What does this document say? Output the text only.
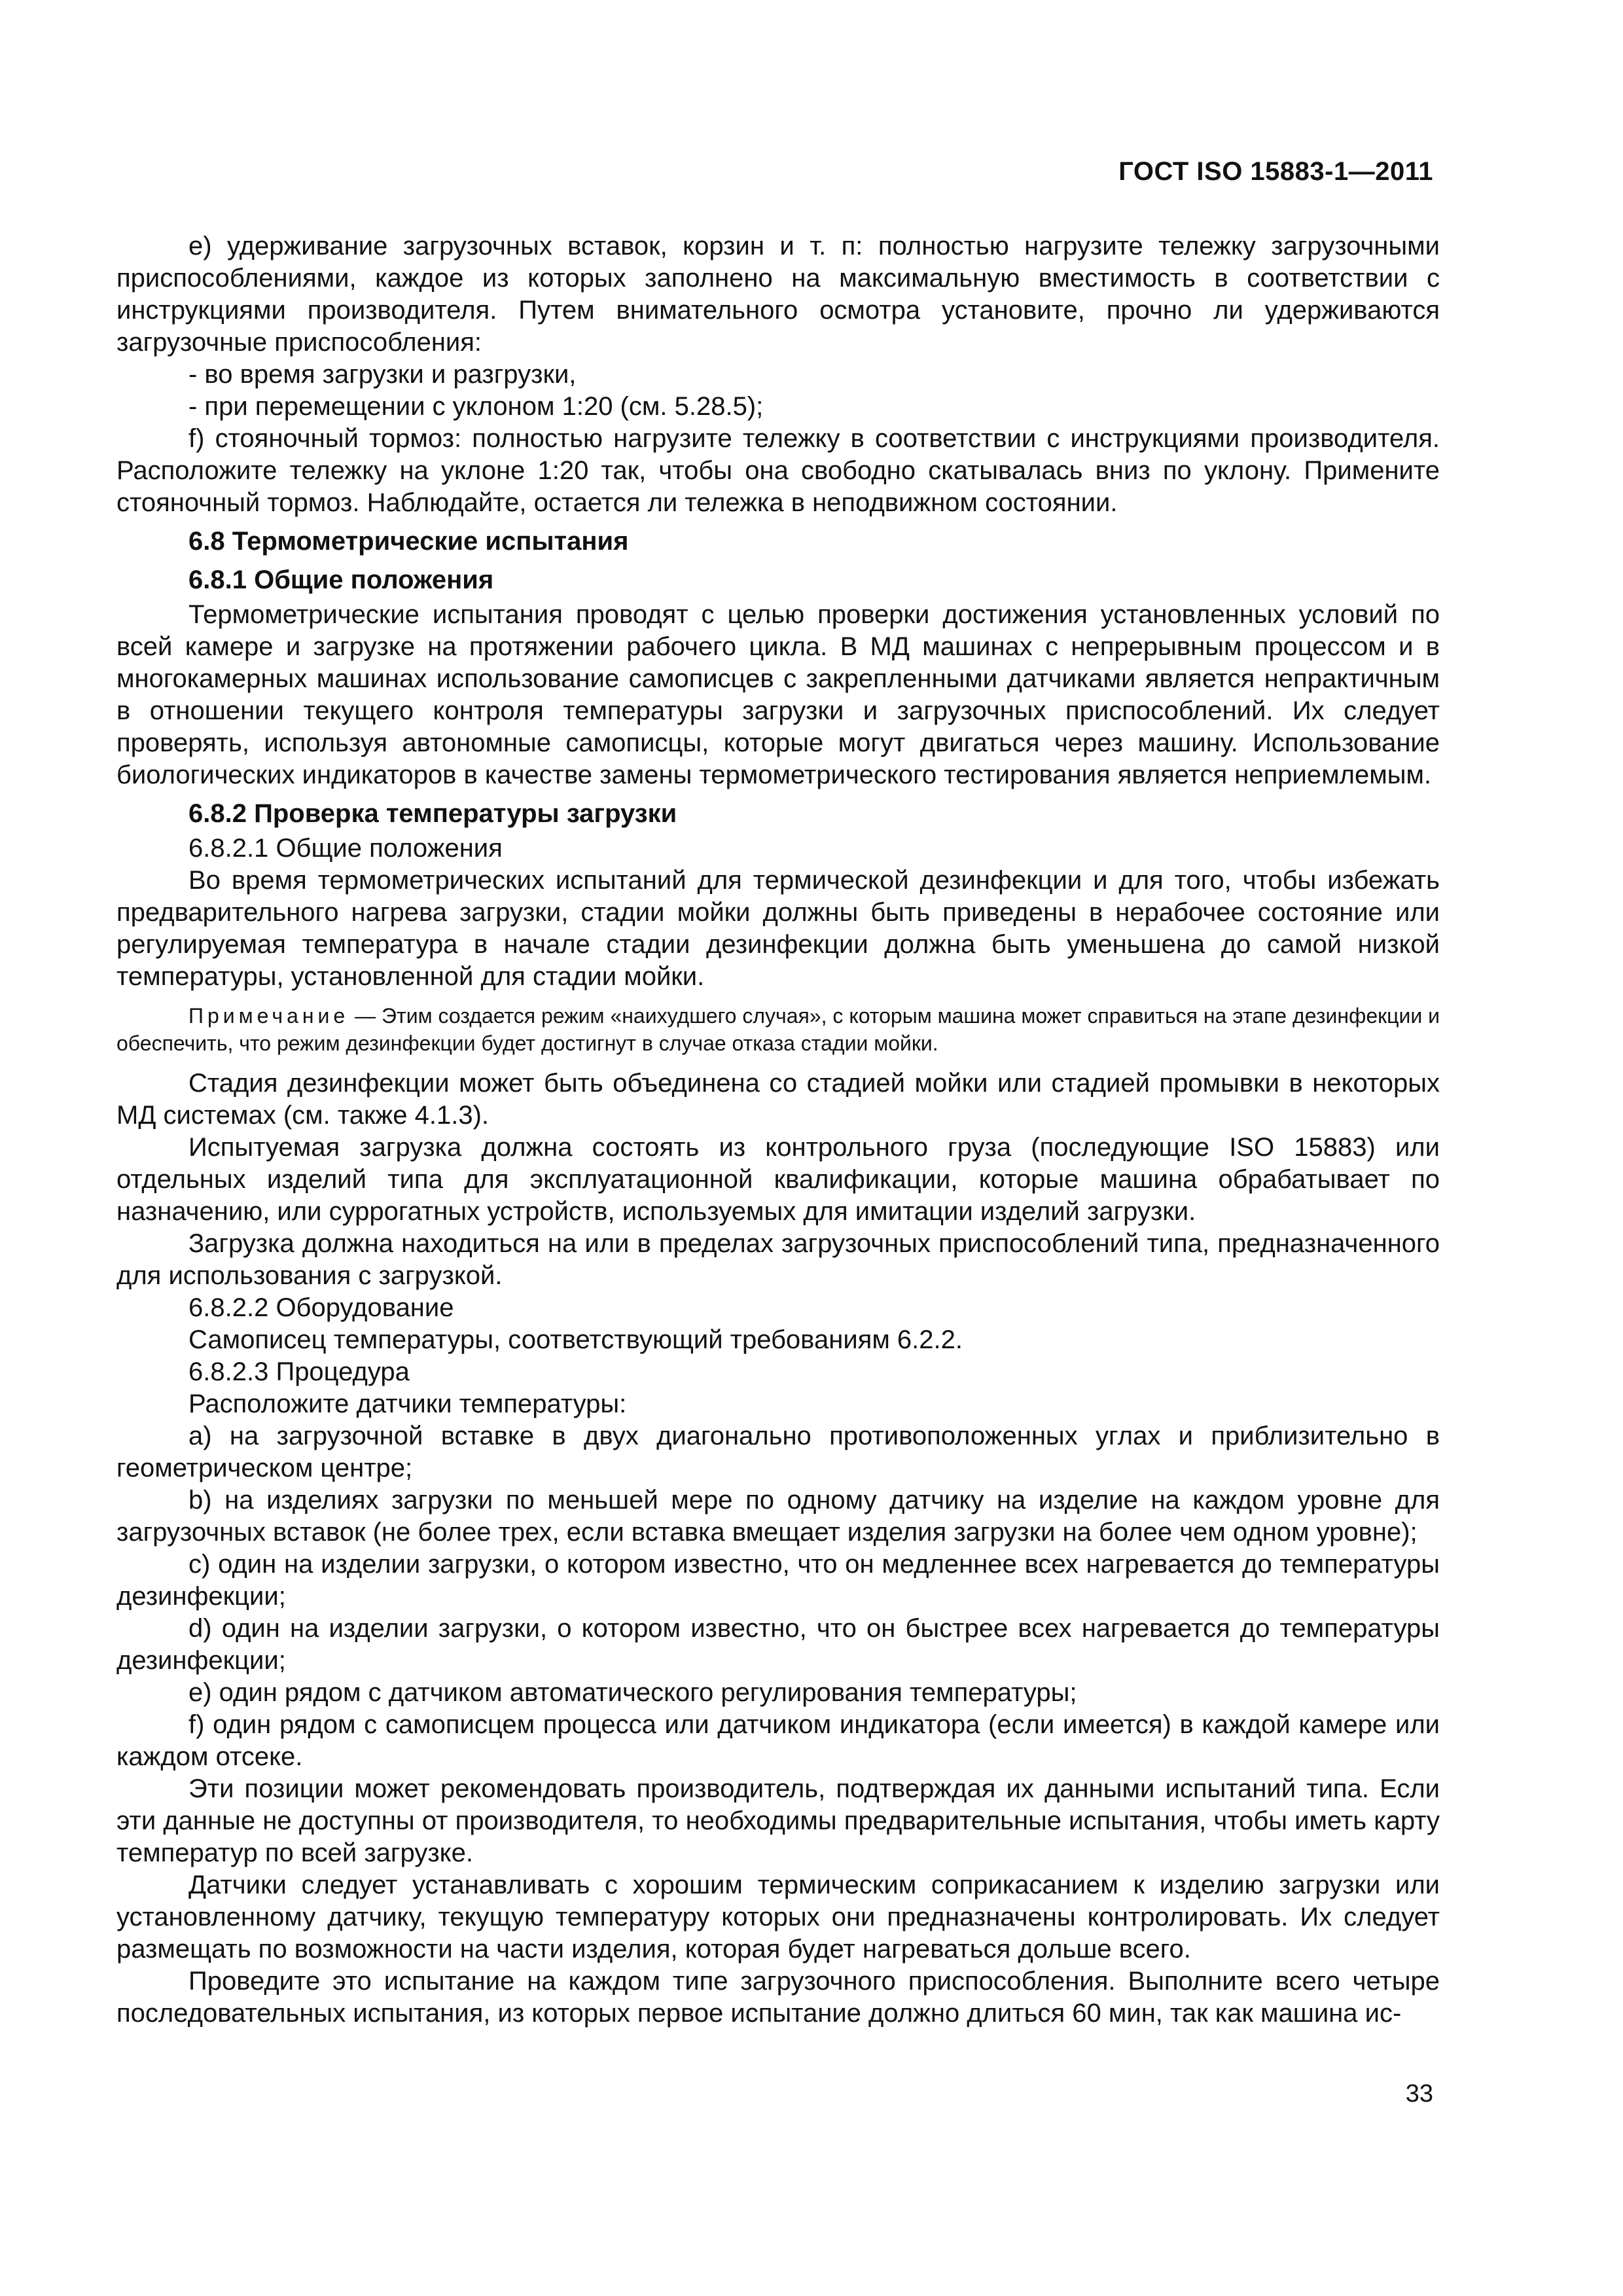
ГОСТ ISO 15883-1—2011

е) удерживание загрузочных вставок, корзин и т. п: полностью нагрузите тележку загрузочными приспособлениями, каждое из которых заполнено на максимальную вместимость в соответствии с инструкциями производителя. Путем внимательного осмотра установите, прочно ли удерживаются загрузочные приспособления:

- во время загрузки и разгрузки,

- при перемещении с уклоном 1:20 (см. 5.28.5);

f) стояночный тормоз: полностью нагрузите тележку в соответствии с инструкциями производителя. Расположите тележку на уклоне 1:20 так, чтобы она свободно скатывалась вниз по уклону. Примените стояночный тормоз. Наблюдайте, остается ли тележка в неподвижном состоянии.

6.8 Термометрические испытания

6.8.1 Общие положения

Термометрические испытания проводят с целью проверки достижения установленных условий по всей камере и загрузке на протяжении рабочего цикла. В МД машинах с непрерывным процессом и в многокамерных машинах использование самописцев с закрепленными датчиками является непрактичным в отношении текущего контроля температуры загрузки и загрузочных приспособлений. Их следует проверять, используя автономные самописцы, которые могут двигаться через машину. Использование биологических индикаторов в качестве замены термометрического тестирования является неприемлемым.

6.8.2 Проверка температуры загрузки

6.8.2.1 Общие положения

Во время термометрических испытаний для термической дезинфекции и для того, чтобы избежать предварительного нагрева загрузки, стадии мойки должны быть приведены в нерабочее состояние или регулируемая температура в начале стадии дезинфекции должна быть уменьшена до самой низкой температуры, установленной для стадии мойки.

Примечание — Этим создается режим «наихудшего случая», с которым машина может справиться на этапе дезинфекции и обеспечить, что режим дезинфекции будет достигнут в случае отказа стадии мойки.

Стадия дезинфекции может быть объединена со стадией мойки или стадией промывки в некоторых МД системах (см. также 4.1.3).

Испытуемая загрузка должна состоять из контрольного груза (последующие ISO 15883) или отдельных изделий типа для эксплуатационной квалификации, которые машина обрабатывает по назначению, или суррогатных устройств, используемых для имитации изделий загрузки.

Загрузка должна находиться на или в пределах загрузочных приспособлений типа, предназначенного для использования с загрузкой.

6.8.2.2 Оборудование

Самописец температуры, соответствующий требованиям 6.2.2.

6.8.2.3 Процедура

Расположите датчики температуры:

а) на загрузочной вставке в двух диагонально противоположенных углах и приблизительно в геометрическом центре;

b) на изделиях загрузки по меньшей мере по одному датчику на изделие на каждом уровне для загрузочных вставок (не более трех, если вставка вмещает изделия загрузки на более чем одном уровне);

с) один на изделии загрузки, о котором известно, что он медленнее всех нагревается до температуры дезинфекции;

d) один на изделии загрузки, о котором известно, что он быстрее всех нагревается до температуры дезинфекции;

е) один рядом с датчиком автоматического регулирования температуры;

f) один рядом с самописцем процесса или датчиком индикатора (если имеется) в каждой камере или каждом отсеке.

Эти позиции может рекомендовать производитель, подтверждая их данными испытаний типа. Если эти данные не доступны от производителя, то необходимы предварительные испытания, чтобы иметь карту температур по всей загрузке.

Датчики следует устанавливать с хорошим термическим соприкасанием к изделию загрузки или установленному датчику, текущую температуру которых они предназначены контролировать. Их следует размещать по возможности на части изделия, которая будет нагреваться дольше всего.

Проведите это испытание на каждом типе загрузочного приспособления. Выполните всего четыре последовательных испытания, из которых первое испытание должно длиться 60 мин, так как машина ис-

33
